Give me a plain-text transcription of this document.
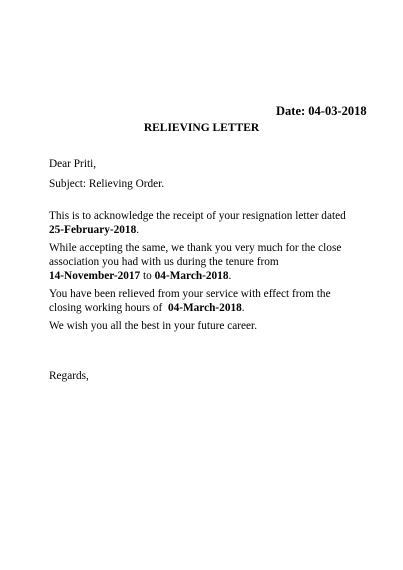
Date: 04-03-2018
RELIEVING LETTER
Dear Priti,
Subject: Relieving Order.
This is to acknowledge the receipt of your resignation letter dated
25-February-2018.
While accepting the same, we thank you very much for the close
association you had with us during the tenure from
14-November-2017 to 04-March-2018.
You have been relieved from your service with effect from the
closing working hours of 04-March-2018.
We wish you all the best in your future career.
Regards,
